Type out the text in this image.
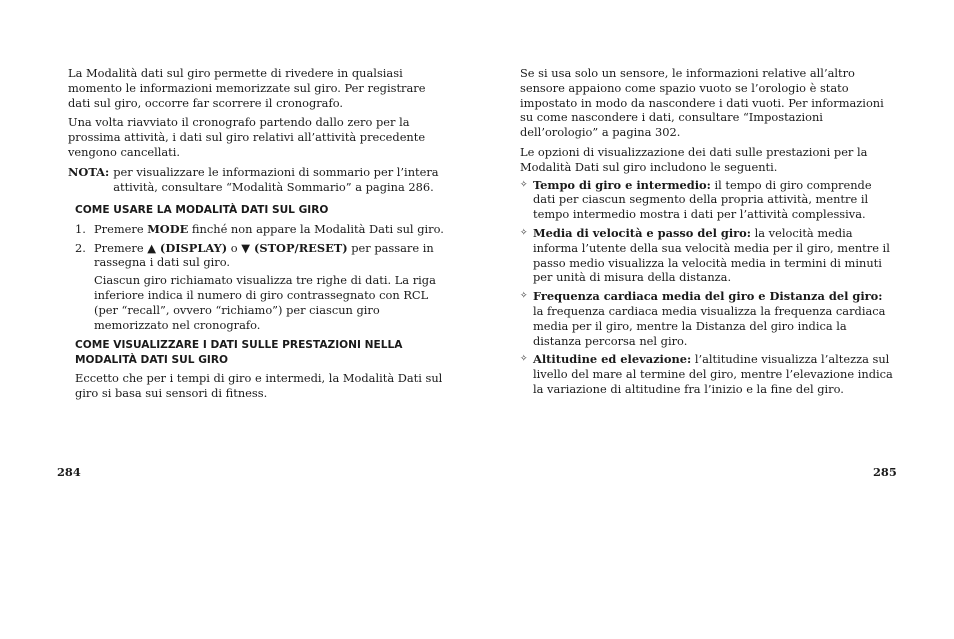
La Modalità dati sul giro permette di rivedere in qualsiasi momento le informazioni memorizzate sul giro. Per registrare dati sul giro, occorre far scorrere il cronografo.

Una volta riavviato il cronografo partendo dallo zero per la prossima attività, i dati sul giro relativi all’attività precedente vengono cancellati.

NOTA: per visualizzare le informazioni di sommario per l’intera attività, consultare “Modalità Sommario” a pagina 286.
COME USARE LA MODALITÀ DATI SUL GIRO
1. Premere MODE finché non appare la Modalità Dati sul giro.
2. Premere ▲ (DISPLAY) o ▼ (STOP/RESET) per passare in rassegna i dati sul giro.

Ciascun giro richiamato visualizza tre righe di dati. La riga inferiore indica il numero di giro contrassegnato con RCL (per “recall”, ovvero “richiamo”) per ciascun giro memorizzato nel cronografo.

COME VISUALIZZARE I DATI SULLE PRESTAZIONI NELLA MODALITÀ DATI SUL GIRO

Eccetto che per i tempi di giro e intermedi, la Modalità Dati sul giro si basa sui sensori di fitness.

284

Se si usa solo un sensore, le informazioni relative all’altro sensore appaiono come spazio vuoto se l’orologio è stato impostato in modo da nascondere i dati vuoti. Per informazioni su come nascondere i dati, consultare “Impostazioni dell’orologio” a pagina 302.

Le opzioni di visualizzazione dei dati sulle prestazioni per la Modalità Dati sul giro includono le seguenti.

✧ Tempo di giro e intermedio: il tempo di giro comprende dati per ciascun segmento della propria attività, mentre il tempo intermedio mostra i dati per l’attività complessiva.
✧ Media di velocità e passo del giro: la velocità media informa l’utente della sua velocità media per il giro, mentre il passo medio visualizza la velocità media in termini di minuti per unità di misura della distanza.
✧ Frequenza cardiaca media del giro e Distanza del giro: la frequenza cardiaca media visualizza la frequenza cardiaca media per il giro, mentre la Distanza del giro indica la distanza percorsa nel giro.
✧ Altitudine ed elevazione: l’altitudine visualizza l’altezza sul livello del mare al termine del giro, mentre l’elevazione indica la variazione di altitudine fra l’inizio e la fine del giro.
285
